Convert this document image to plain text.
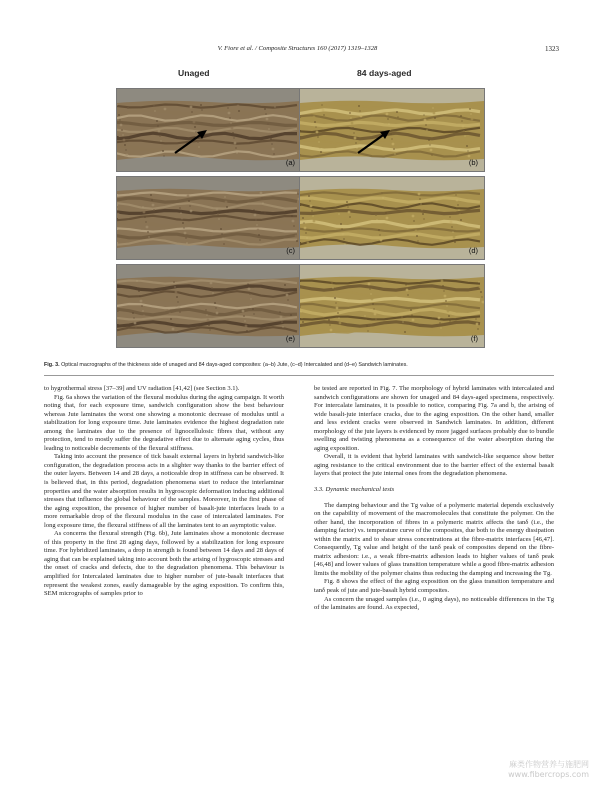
V. Fiore et al. / Composite Structures 160 (2017) 1319–1328	1323
Unaged	84 days-aged
(a)	(b)
(c)	(d)
(e)	(f)
Fig. 3. Optical macrographs of the thickness side of unaged and 84 days-aged composites: (a–b) Jute, (c–d) Intercalated and (d–e) Sandwich laminates.

to hygrothermal stress [37–39] and UV radiation [41,42] (see Section 3.1).

Fig. 6a shows the variation of the flexural modulus during the aging campaign. It worth noting that, for each exposure time, sandwich configuration show the best behaviour whereas Jute laminates the worst one showing a monotonic decrease of modulus until a stabilization for long exposure time. Jute laminates evidence the highest degradation rate among the laminates due to the presence of lignocellulosic fibres that, without any protection, tend to mostly suffer the degradative effect due to alternate aging cycles, thus leading to noticeable decrements of the flexural stiffness.

Taking into account the presence of tick basalt external layers in hybrid sandwich-like configuration, the degradation process acts in a slighter way thanks to the barrier effect of the outer layers. Between 14 and 28 days, a noticeable drop in stiffness can be observed. It is believed that, in this period, degradation phenomena start to reduce the interlaminar properties and the water absorption results in hygroscopic deformation inducing additional stresses that influence the global behaviour of the samples. Moreover, in the first phase of the aging exposition, the presence of higher number of basalt-jute interfaces leads to a more remarkable drop of the flexural modulus in the case of intercalated laminates. For long exposure time, the flexural stiffness of all the laminates tent to an asymptotic value.

As concerns the flexural strength (Fig. 6b), Jute laminates show a monotonic decrease of this property in the first 28 aging days, followed by a stabilization for long exposure time. For hybridized laminates, a drop in strength is found between 14 days and 28 days of aging that can be explained taking into account both the arising of hygroscopic stresses and the onset of cracks and defects, due to the degradation phenomena. This behaviour is amplified for Intercalated laminates due to higher number of jute-basalt interfaces that represent the weakest zones, easily damageable by the aging exposition. To confirm this, SEM micrographs of samples prior to

be tested are reported in Fig. 7. The morphology of hybrid laminates with intercalated and sandwich configurations are shown for unaged and 84 days-aged specimens, respectively. For intercalate laminates, it is possible to notice, comparing Fig. 7a and b, the arising of wide basalt-jute interface cracks, due to the aging exposition. On the other hand, smaller and less evident cracks were observed in Sandwich laminates. In addition, different morphology of the jute layers is evidenced by more jagged surfaces probably due to bundle swelling and twisting phenomena as a consequence of the water absorption during the aging exposition.

Overall, it is evident that hybrid laminates with sandwich-like sequence show better aging resistance to the critical environment due to the barrier effect of the external basalt layers that protect the jute internal ones from the degradation phenomena.

3.3. Dynamic mechanical tests

The damping behaviour and the Tg value of a polymeric material depends exclusively on the capability of movement of the macromolecules that constitute the polymer. On the other hand, the incorporation of fibres in a polymeric matrix affects the tanδ (i.e., the damping factor) vs. temperature curve of the composites, due both to the energy dissipation within the matrix and to shear stress concentrations at the fibre-matrix interfaces [46,47]. Consequently, Tg value and height of the tanδ peak of composites depend on the fibre-matrix adhesion: i.e., a weak fibre-matrix adhesion leads to higher values of tanδ peak [46,48] and lower values of glass transition temperature while a good fibre-matrix adhesion limits the mobility of the polymer chains thus reducing the damping and increasing the Tg.

Fig. 8 shows the effect of the aging exposition on the glass transition temperature and tanδ peak of jute and jute-basalt hybrid composites.

As concern the unaged samples (i.e., 0 aging days), no noticeable differences in the Tg of the laminates are found. As expected,

麻类作物营养与施肥网
www.fibercrops.com
